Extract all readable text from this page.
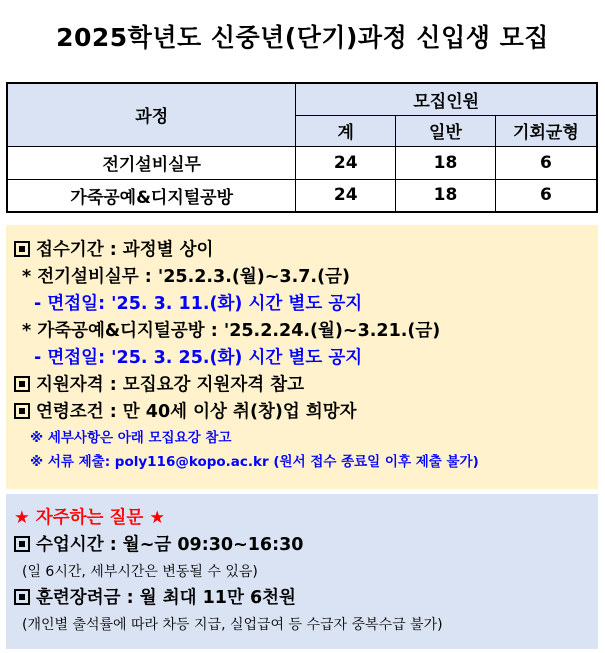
2025학년도 신중년(단기)과정 신입생 모집
과정	모집인원		
	계	일반	기회균형
전기설비실무	24	18	6
가죽공예&디지털공방	24	18	6
접수기간 : 과정별 상이
* 전기설비실무 : '25.2.3.(월)~3.7.(금)
- 면접일: '25. 3. 11.(화) 시간 별도 공지
* 가죽공예&디지털공방 : '25.2.24.(월)~3.21.(금)
- 면접일: '25. 3. 25.(화) 시간 별도 공지
지원자격 : 모집요강 지원자격 참고
연령조건 : 만 40세 이상 취(창)업 희망자
※ 세부사항은 아래 모집요강 참고
※ 서류 제출: poly116@kopo.ac.kr (원서 접수 종료일 이후 제출 불가)
★ 자주하는 질문 ★
수업시간 : 월~금 09:30~16:30
(일 6시간, 세부시간은 변동될 수 있음)
훈련장려금 : 월 최대 11만 6천원
(개인별 출석률에 따라 차등 지급, 실업급여 등 수급자 중복수급 불가)
